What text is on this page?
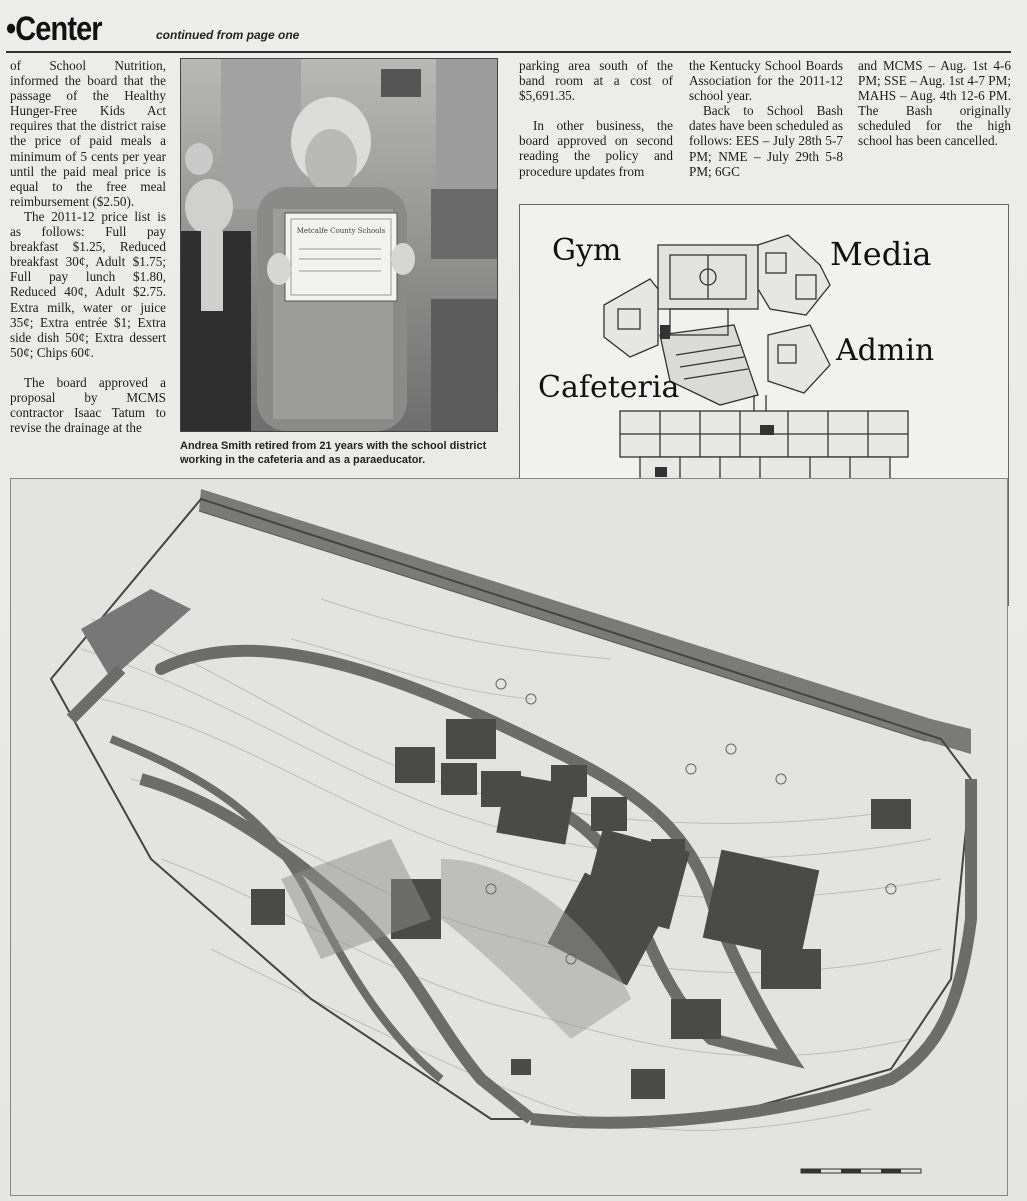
•Center	continued from page one

of School Nutrition, informed the board that the passage of the Healthy Hunger-Free Kids Act requires that the district raise the price of paid meals a minimum of 5 cents per year until the paid meal price is equal to the free meal reimbursement ($2.50).

The 2011-12 price list is as follows: Full pay breakfast $1.25, Reduced breakfast 30¢, Adult $1.75; Full pay lunch $1.80, Reduced 40¢, Adult $2.75. Extra milk, water or juice 35¢; Extra entrée $1; Extra side dish 50¢; Extra dessert 50¢; Chips 60¢.

The board approved a proposal by MCMS contractor Isaac Tatum to revise the drainage at the

Metcalfe County Schools
Andrea Smith retired from 21 years with the school district working in the cafeteria and as a paraeducator.

parking area south of the band room at a cost of $5,691.35.

In other business, the board approved on second reading the policy and procedure updates from

the Kentucky School Boards Association for the 2011-12 school year.

Back to School Bash dates have been scheduled as follows: EES – July 28th 5-7 PM; NME – July 29th 5-8 PM; 6GC

and MCMS – Aug. 1st 4-6 PM; SSE – Aug. 1st 4-7 PM; MAHS – Aug. 4th 12-6 PM. The Bash originally scheduled for the high school has been cancelled.

Gym	Media
Admin
Cafeteria
